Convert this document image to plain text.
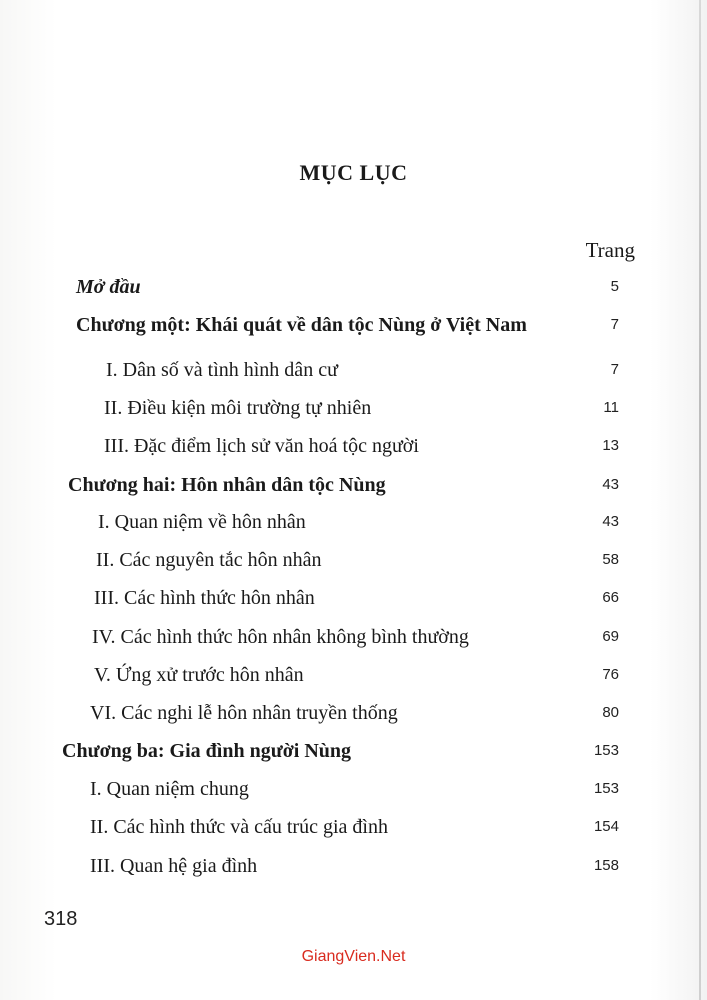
MỤC LỤC
Trang
Mở đầu	5
Chương một: Khái quát về dân tộc Nùng ở Việt Nam	7
I. Dân số và tình hình dân cư	7
II. Điều kiện môi trường tự nhiên	11
III. Đặc điểm lịch sử văn hoá tộc người	13
Chương hai: Hôn nhân dân tộc Nùng	43
I. Quan niệm về hôn nhân	43
II. Các nguyên tắc hôn nhân	58
III. Các hình thức hôn nhân	66
IV. Các hình thức hôn nhân không bình thường	69
V. Ứng xử trước hôn nhân	76
VI. Các nghi lễ hôn nhân truyền thống	80
Chương ba: Gia đình người Nùng	153
I. Quan niệm chung	153
II. Các hình thức và cấu trúc gia đình	154
III. Quan hệ gia đình	158
318
GiangVien.Net
